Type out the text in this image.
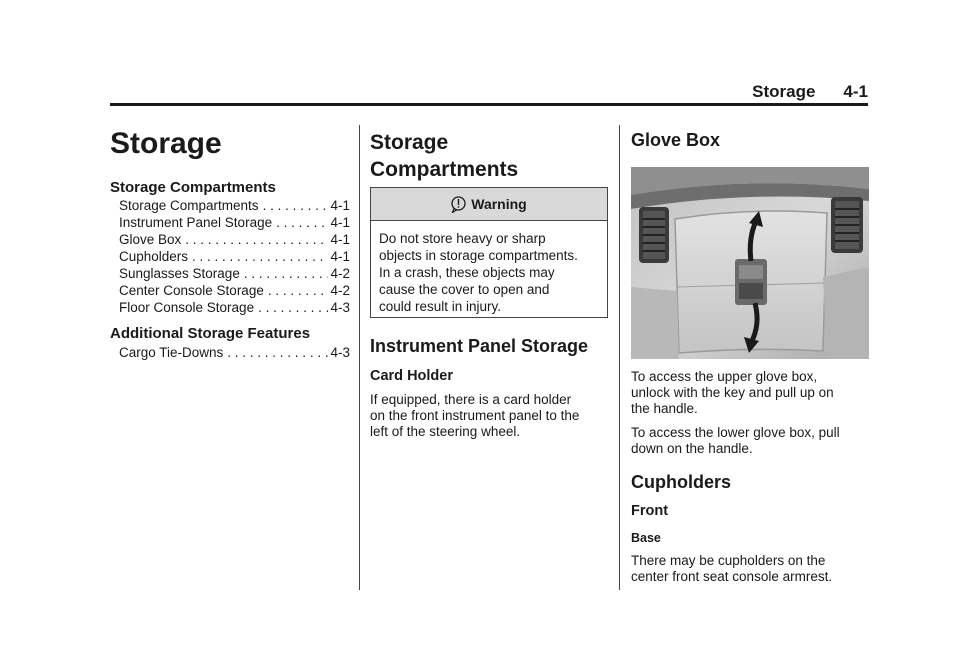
Storage 4-1
Storage
Storage Compartments
Storage Compartments . . .	4-1
Instrument Panel Storage . . .	4-1
Glove Box . . .	4-1
Cupholders . . .	4-1
Sunglasses Storage . . .	4-2
Center Console Storage . . .	4-2
Floor Console Storage . . .	4-3
Additional Storage Features
Cargo Tie-Downs . . .	4-3
Storage
Compartments
Warning
Do not store heavy or sharp
objects in storage compartments.
In a crash, these objects may
cause the cover to open and
could result in injury.
Instrument Panel Storage
Card Holder
If equipped, there is a card holder
on the front instrument panel to the
left of the steering wheel.
Glove Box
To access the upper glove box,
unlock with the key and pull up on
the handle.
To access the lower glove box, pull
down on the handle.
Cupholders
Front
Base
There may be cupholders on the
center front seat console armrest.
